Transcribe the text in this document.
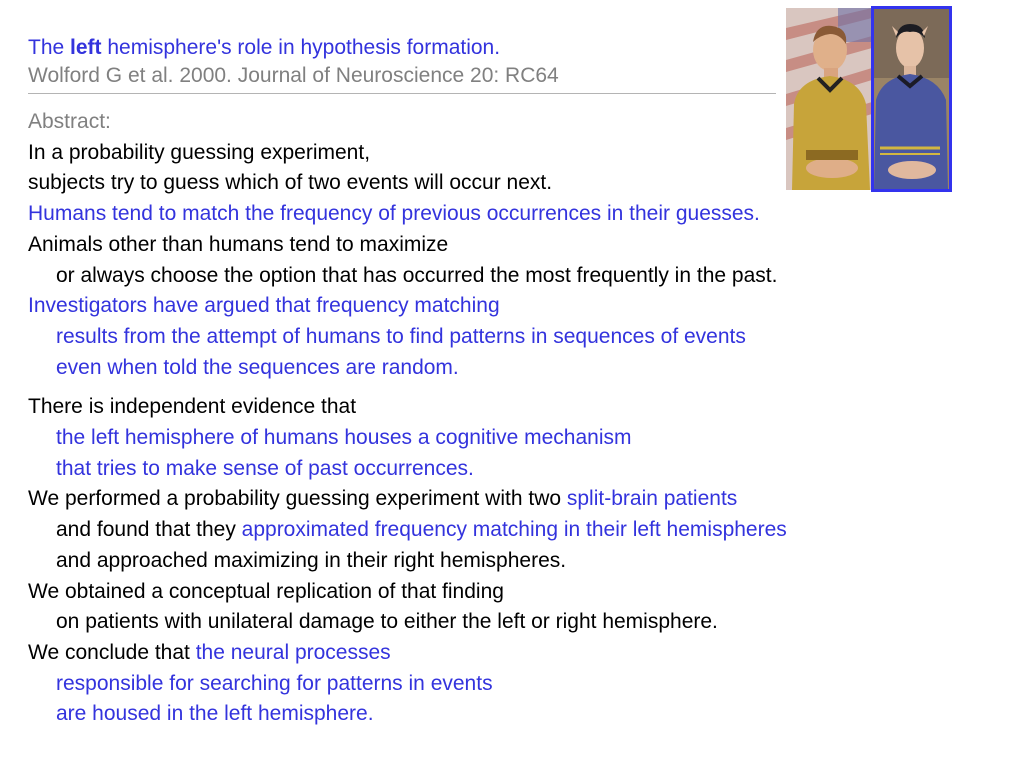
The left hemisphere's role in hypothesis formation.
Wolford G et al. 2000. Journal of Neuroscience 20: RC64
Abstract:
In a probability guessing experiment,
subjects try to guess which of two events will occur next.
Humans tend to match the frequency of previous occurrences in their guesses.
Animals other than humans tend to maximize
or always choose the option that has occurred the most frequently in the past.
Investigators have argued that frequency matching
results from the attempt of humans to find patterns in sequences of events
even when told the sequences are random.
There is independent evidence that
the left hemisphere of humans houses a cognitive mechanism
that tries to make sense of past occurrences.
We performed a probability guessing experiment with two split-brain patients
and found that they approximated frequency matching in their left hemispheres
and approached maximizing in their right hemispheres.
We obtained a conceptual replication of that finding
on patients with unilateral damage to either the left or right hemisphere.
We conclude that the neural processes
responsible for searching for patterns in events
are housed in the left hemisphere.
